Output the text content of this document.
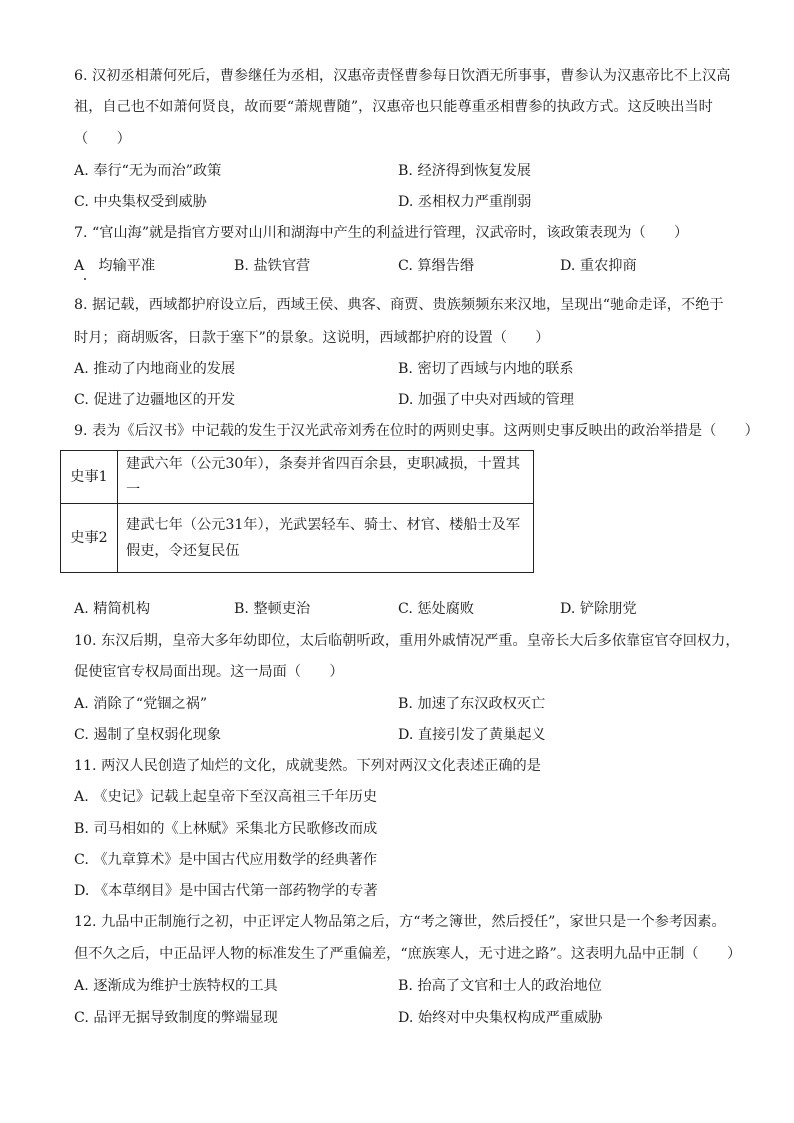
6. 汉初丞相萧何死后，曹参继任为丞相，汉惠帝责怪曹参每日饮酒无所事事，曹参认为汉惠帝比不上汉高
祖，自己也不如萧何贤良，故而要“萧规曹随”，汉惠帝也只能尊重丞相曹参的执政方式。这反映出当时
（　　）
A. 奉行“无为而治”政策	B. 经济得到恢复发展
C. 中央集权受到威胁	D. 丞相权力严重削弱
7. “官山海”就是指官方要对山川和湖海中产生的利益进行管理，汉武帝时，该政策表现为（　　）
A　均输平准	B. 盐铁官营	C. 算缗告缗	D. 重农抑商
8. 据记载，西域都护府设立后，西域王侯、典客、商贾、贵族频频东来汉地，呈现出“驰命走译，不绝于
时月；商胡贩客，日款于塞下”的景象。这说明，西域都护府的设置（　　）
A. 推动了内地商业的发展	B. 密切了西域与内地的联系
C. 促进了边疆地区的开发	D. 加强了中央对西域的管理
9. 表为《后汉书》中记载的发生于汉光武帝刘秀在位时的两则史事。这两则史事反映出的政治举措是（　　）
史事1	建武六年（公元30年），条奏并省四百余县，吏职减损，十置其一
史事2	建武七年（公元31年），光武罢轻车、骑士、材官、楼船士及军假吏，令还复民伍
A. 精简机构	B. 整顿吏治	C. 惩处腐败	D. 铲除朋党
10. 东汉后期，皇帝大多年幼即位，太后临朝听政，重用外戚情况严重。皇帝长大后多依靠宦官夺回权力，
促使宦官专权局面出现。这一局面（　　）
A. 消除了“党锢之祸”	B. 加速了东汉政权灭亡
C. 遏制了皇权弱化现象	D. 直接引发了黄巢起义
11. 两汉人民创造了灿烂的文化，成就斐然。下列对两汉文化表述正确的是
A. 《史记》记载上起皇帝下至汉高祖三千年历史
B. 司马相如的《上林赋》采集北方民歌修改而成
C. 《九章算术》是中国古代应用数学的经典著作
D. 《本草纲目》是中国古代第一部药物学的专著
12. 九品中正制施行之初，中正评定人物品第之后，方“考之簿世，然后授任”，家世只是一个参考因素。
但不久之后，中正品评人物的标准发生了严重偏差，“庶族寒人，无寸进之路”。这表明九品中正制（　　）
A. 逐渐成为维护士族特权的工具	B. 抬高了文官和士人的政治地位
C. 品评无据导致制度的弊端显现	D. 始终对中央集权构成严重威胁
